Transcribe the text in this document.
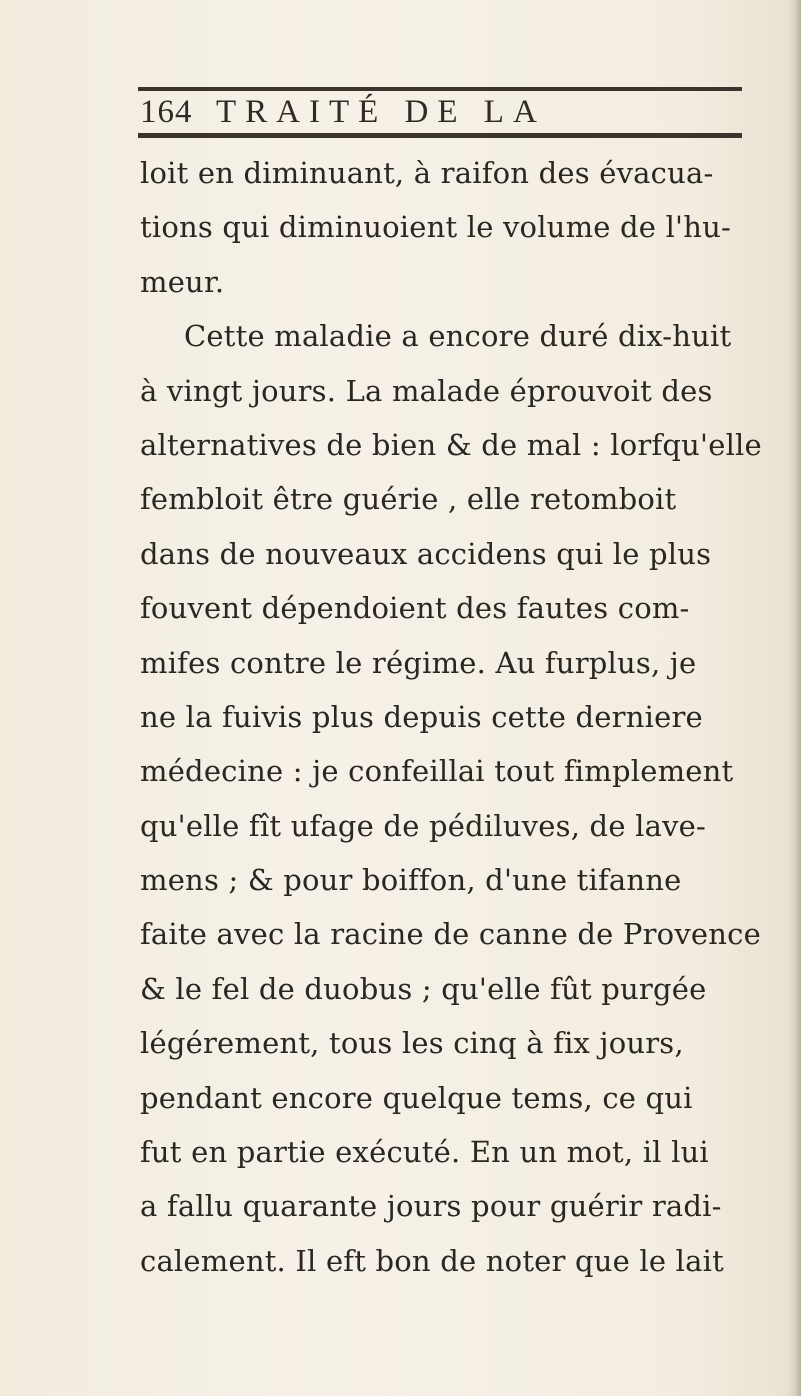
164 TRAITÉ DE LA
loit en diminuant, à raifon des évacua-
tions qui diminuoient le volume de l'hu-
meur.
Cette maladie a encore duré dix-huit
à vingt jours. La malade éprouvoit des
alternatives de bien & de mal : lorfqu'elle
fembloit être guérie , elle retomboit
dans de nouveaux accidens qui le plus
fouvent dépendoient des fautes com-
mifes contre le régime. Au furplus, je
ne la fuivis plus depuis cette derniere
médecine : je confeillai tout fimplement
qu'elle fît ufage de pédiluves, de lave-
mens ; & pour boiffon, d'une tifanne
faite avec la racine de canne de Provence
& le fel de duobus ; qu'elle fût purgée
légérement, tous les cinq à fix jours,
pendant encore quelque tems, ce qui
fut en partie exécuté. En un mot, il lui
a fallu quarante jours pour guérir radi-
calement. Il eft bon de noter que le lait
